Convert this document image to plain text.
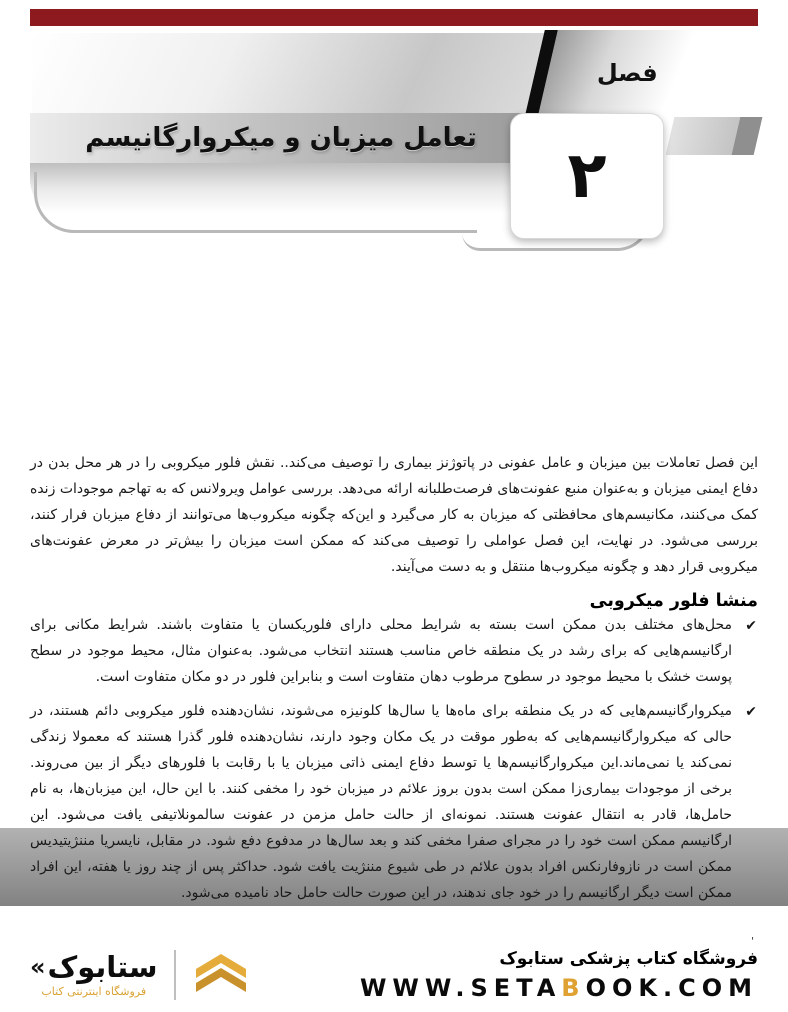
تعامل میزبان و میکروارگانیسم
فصل
۲

این فصل تعاملات بین میزبان و عامل عفونی در پاتوژنز بیماری را توصیف می‌کند.. نقش فلور میکروبی را در هر محل بدن در دفاع ایمنی میزبان و به‌عنوان منبع عفونت‌های فرصت‌طلبانه ارائه می‌دهد. بررسی عوامل ویرولانس که به تهاجم موجودات زنده کمک می‌کنند، مکانیسم‌های محافظتی که میزبان به کار می‌گیرد و این‌که چگونه میکروب‌ها می‌توانند از دفاع میزبان فرار کنند، بررسی می‌شود. در نهایت، این فصل عواملی را توصیف می‌کند که ممکن است میزبان را بیش‌تر در معرض عفونت‌های میکروبی قرار دهد و چگونه میکروب‌ها منتقل و به دست می‌آیند.

منشا فلور میکروبی
✔
محل‌های مختلف بدن ممکن است بسته به شرایط محلی دارای فلوریکسان یا متفاوت باشند. شرایط مکانی برای ارگانیسم‌هایی که برای رشد در یک منطقه خاص مناسب هستند انتخاب می‌شود. به‌عنوان مثال، محیط موجود در سطح پوست خشک با محیط موجود در سطوح مرطوب دهان متفاوت است و بنابراین فلور در دو مکان متفاوت است.
✔
میکروارگانیسم‌هایی که در یک منطقه برای ماه‌ها یا سال‌ها کلونیزه می‌شوند، نشان‌دهنده فلور میکروبی دائم هستند، در حالی که میکروارگانیسم‌هایی که به‌طور موقت در یک مکان وجود دارند، نشان‌دهنده فلور گذرا هستند که معمولا زندگی نمی‌کند یا نمی‌ماند.این میکروارگانیسم‌ها یا توسط دفاع ایمنی ذاتی میزبان یا با رقابت با فلورهای دیگر از بین می‌روند. برخی از موجودات بیماری‌زا ممکن است بدون بروز علائم در میزبان خود را مخفی کنند. با این حال، این میزبان‌ها، به نام حامل‌ها، قادر به انتقال عفونت هستند. نمونه‌ای از حالت حامل مزمن در عفونت سالمونلاتیفی یافت می‌شود. این
ارگانیسم ممکن است خود را در مجرای صفرا مخفی کند و بعد سال‌ها در مدفوع دفع شود. در مقابل، نایسریا مننژیتیدیس ممکن است در نازوفارنکس افراد بدون علائم در طی شیوع مننژیت یافت شود. حداکثر پس از چند روز یا هفته، این افراد ممکن است دیگر ارگانیسم را در خود جای ندهند، در این صورت حالت حامل حاد نامیده می‌شود.
'
« ستابوک
فروشگاه اینترنتی کتاب
فروشگاه کتاب پزشکی ستابوک
WWW.SETABOOK.COM
